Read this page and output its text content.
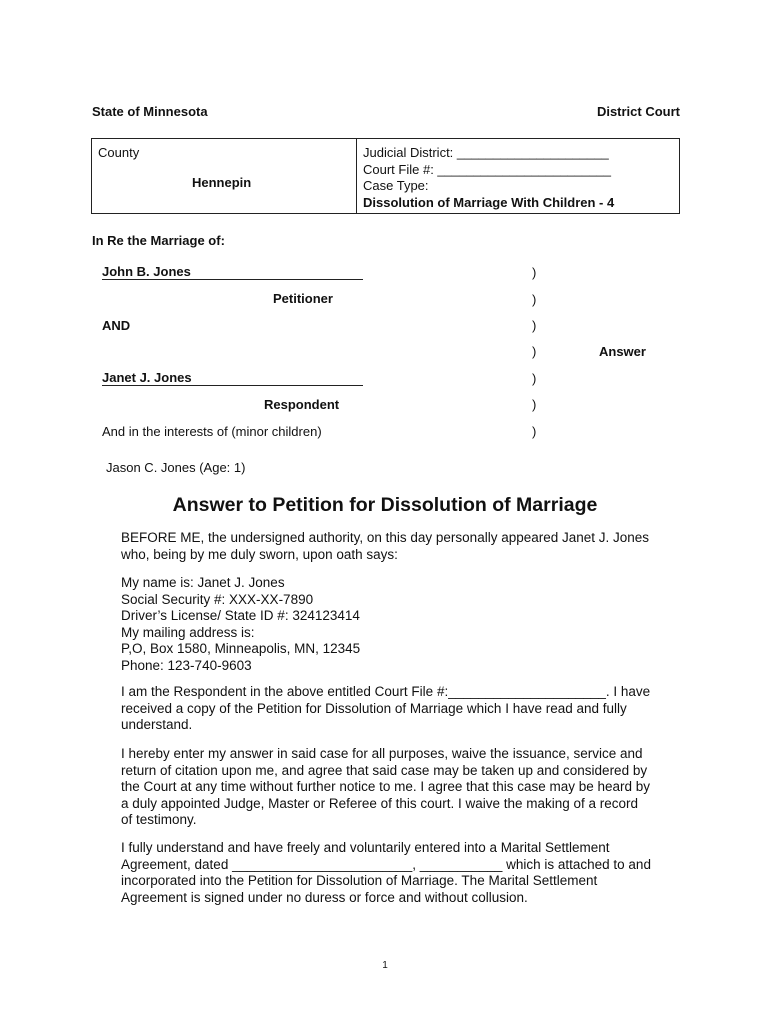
State of Minnesota	District Court
County
Hennepin
Judicial District: _____________________
Court File #: ________________________
Case Type:
Dissolution of Marriage With Children - 4
In Re the Marriage of:
John B. Jones
Petitioner
AND
Answer
Janet J. Jones
Respondent
And in the interests of (minor children)
)
)
)
)
)
)
)
Jason C. Jones (Age: 1)
Answer to Petition for Dissolution of Marriage
BEFORE ME, the undersigned authority, on this day personally appeared Janet J. Jones
who, being by me duly sworn, upon oath says:
My name is: Janet J. Jones
Social Security #: XXX-XX-7890
Driver’s License/ State ID #: 324123414
My mailing address is:
P,O, Box 1580, Minneapolis, MN, 12345
Phone: 123-740-9603
I am the Respondent in the above entitled Court File #:_____________________. I have
received a copy of the Petition for Dissolution of Marriage which I have read and fully
understand.
I hereby enter my answer in said case for all purposes, waive the issuance, service and
return of citation upon me, and agree that said case may be taken up and considered by
the Court at any time without further notice to me. I agree that this case may be heard by
a duly appointed Judge, Master or Referee of this court. I waive the making of a record
of testimony.
I fully understand and have freely and voluntarily entered into a Marital Settlement
Agreement, dated ________________________, ___________ which is attached to and
incorporated into the Petition for Dissolution of Marriage. The Marital Settlement
Agreement is signed under no duress or force and without collusion.
1
